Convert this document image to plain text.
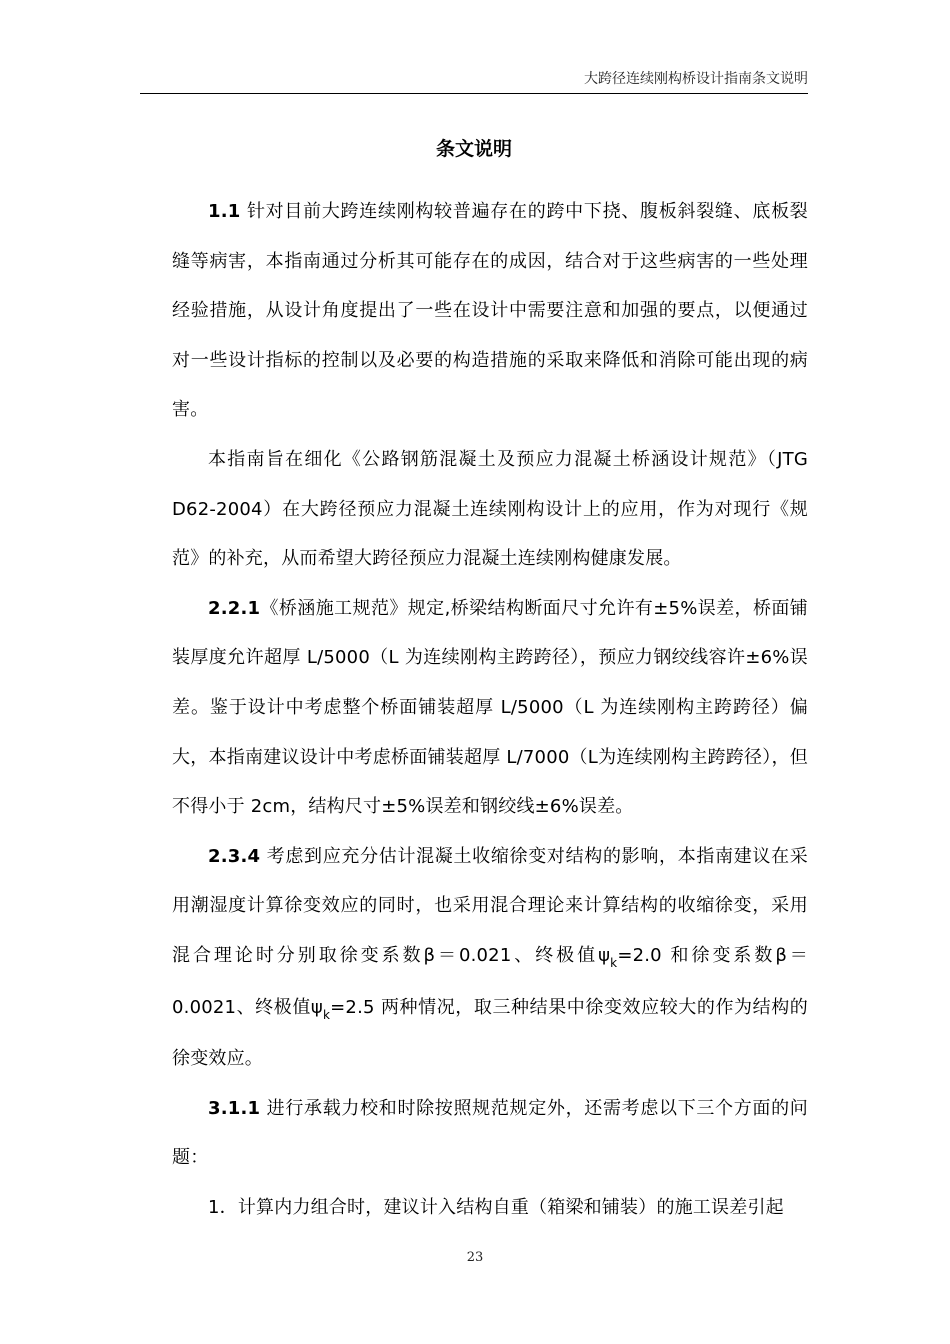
大跨径连续刚构桥设计指南条文说明
条文说明

1.1 针对目前大跨连续刚构较普遍存在的跨中下挠、腹板斜裂缝、底板裂缝等病害，本指南通过分析其可能存在的成因，结合对于这些病害的一些处理经验措施，从设计角度提出了一些在设计中需要注意和加强的要点，以便通过对一些设计指标的控制以及必要的构造措施的采取来降低和消除可能出现的病害。

本指南旨在细化《公路钢筋混凝土及预应力混凝土桥涵设计规范》（JTG D62-2004）在大跨径预应力混凝土连续刚构设计上的应用，作为对现行《规范》的补充，从而希望大跨径预应力混凝土连续刚构健康发展。

2.2.1《桥涵施工规范》规定,桥梁结构断面尺寸允许有±5%误差，桥面铺装厚度允许超厚 L/5000（L 为连续刚构主跨跨径），预应力钢绞线容许±6%误差。鉴于设计中考虑整个桥面铺装超厚 L/5000（L 为连续刚构主跨跨径）偏大，本指南建议设计中考虑桥面铺装超厚 L/7000（L为连续刚构主跨跨径），但不得小于 2cm，结构尺寸±5%误差和钢绞线±6%误差。

2.3.4 考虑到应充分估计混凝土收缩徐变对结构的影响，本指南建议在采用潮湿度计算徐变效应的同时，也采用混合理论来计算结构的收缩徐变，采用混合理论时分别取徐变系数β＝0.021、终极值$\psi_k=2.0$ 和徐变系数β＝0.0021、终极值$\psi_k=2.5$ 两种情况，取三种结果中徐变效应较大的作为结构的徐变效应。

3.1.1 进行承载力校和时除按照规范规定外，还需考虑以下三个方面的问题：

1．计算内力组合时，建议计入结构自重（箱梁和铺装）的施工误差引起

23
